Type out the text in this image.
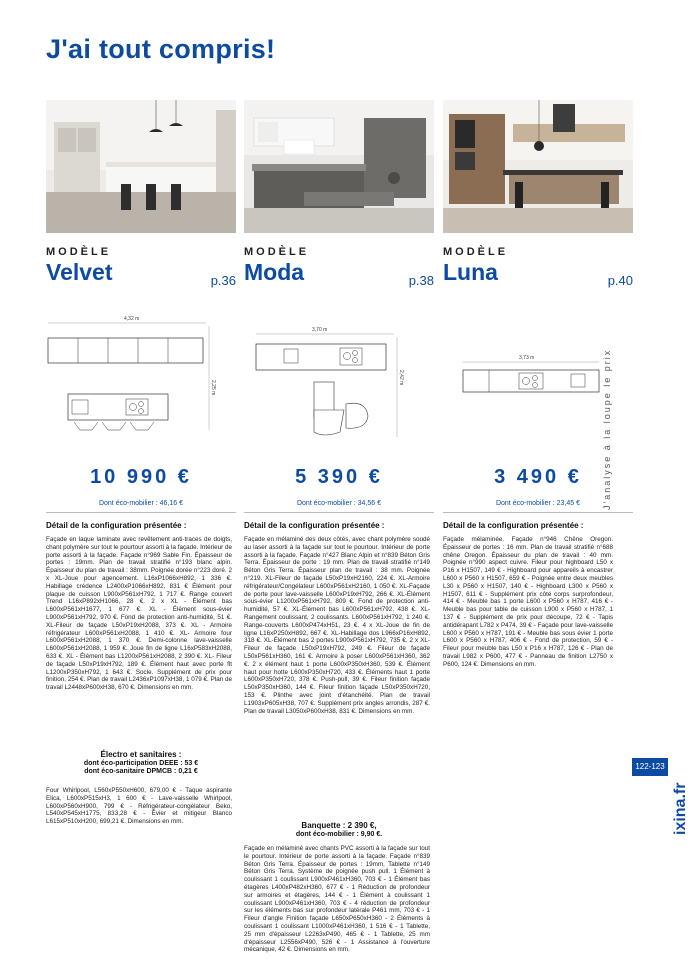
J'ai tout compris!
MODÈLE
Velvet	p.36
4,32 m
2,25 m
10 990 €
Dont éco-mobilier : 46,16 €
Détail de la configuration présentée :
Façade en laque laminate avec revêtement anti-traces de doigts, chant polymère sur tout le pourtour assorti à la façade. Intérieur de porte assorti à la façade. Façade n°969 Sable Fin. Épaisseur de portes : 19mm. Plan de travail stratifié n°193 blanc alpin. Épaisseur du plan de travail : 38mm. Poignée dorée n°223 doré. 2 x XL-Joue pour agencement. L16xP1066xH892, 1 336 €. Habillage crédence L2400xP1066xH892, 831 € Élément pour plaque de cuisson L900xP561xH792, 1 717 €. Range couvert Trend L16xP892xH1066, 28 €. 2 x XL - Élément bas L600xP561xH1677, 1 677 €. XL - Élément sous-évier L900xP561xH792, 970 €. Fond de protection anti-humidité, 51 €. XL-Fileur de façade L50xP19xH2088, 373 €. XL - Armoire réfrigérateur L600xP561xH2088, 1 410 €. XL- Armoire four L600xP561xH2088, 1 370 €. Demi-colonne lave-vaisselle L600xP561xH2088, 1 959 €. Joue fin de ligne L16xP583xH2088, 633 €. XL - Élément bas L1200xP561xH2088, 2 390 €. XL- Fileur de façade L50xP19xH792, 189 €. Élément haut avec porte flt L1200xP350xH792, 1 643 €. Socle. Supplément de prix pour finition, 254 €. Plan de travail L2436xP1097xH38, 1 079 €. Plan de travail L2448xP600xH38, 670 €. Dimensions en mm.
Électro et sanitaires :
dont éco-participation DEEE : 53 €
dont éco-sanitaire DPMCB : 0,21 €
Four Whirlpool, L560xP550xH600, 679,00 € - Taque aspirante Elica, L600xP515xH3, 1 600 € - Lave-vaisselle Whirlpool, L600xP560xH900, 799 € - Réfrigérateur-congélateur Beko, L540xP545xH1775, 833,28 € - Évier et mitigeur Blanco L615xP510xH200, 699,21 €. Dimensions en mm.
MODÈLE
Moda	p.38
3,70 m
2,42 m
5 390 €
Dont éco-mobilier : 34,56 €
Détail de la configuration présentée :
Façade en mélaminé des deux côtés, avec chant polymère soudé au laser assorti à la façade sur tout le pourtour. Intérieur de porte assorti à la façade. Façade n°427 Blanc Alpin et n°839 Béton Gris Terra. Épaisseur de porte : 19 mm. Plan de travail stratifié n°149 Béton Gris Terra. Épaisseur plan de travail : 38 mm. Poignée n°219. XL-Fileur de façade L50xP19xH2160, 224 €. XL-Armoire réfrigérateur/Congélateur L600xP561xH2160, 1 050 €. XL-Façade de porte pour lave-vaisselle L600xP19xH792, 266 €. XL-Élément sous-évier L1200xP561xH792, 809 €. Fond de protection anti-humidité, 57 €. XL-Élément bas L600xP561xH792, 438 €. XL-Rangement coulissant, 2 coulissants. L600xP561xH792, 1 240 €. Range-couverts L600xP474xH51, 23 €. 4 x XL-Joue de fin de ligne L16xP250xH892, 667 €. XL-Habillage dos L966xP16xH892, 318 €. XL-Élément bas 2 portes L900xP561xH792, 735 €. 2 x XL-Fileur de façade L50xP19xH792, 249 €. Fileur de façade L50xP561xH360, 161 €. Armoire à poser L600xP561xH360, 362 €. 2 x élément haut 1 porte L600xP350xH360, 539 €. Élément haut pour hotte L600xP350xH720, 433 €. Éléments haut 1 porte L600xP350xH720, 378 €. Push-pull, 39 €. Fileur finition façade L50xP350xH360, 144 €. Fileur finition façade L50xP350xH720, 153 €. Plinthe avec joint d'étanchéité. Plan de travail L1903xP605xH38, 707 €. Supplément prix angles arrondis, 287 €. Plan de travail L3050xP600xH38, 831 €. Dimensions en mm.
Banquette : 2 390 €,
dont éco-mobilier : 9,90 €.
Façade en mélaminé avec chants PVC assorti à la façade sur tout le pourtour. Intérieur de porte assorti à la façade. Façade n°839 Béton Gris Terra. Épaisseur de portes : 19mm. Tablette n°149 Béton Gris Terra. Système de poignée push pull. 1 Élément à coulissant 1 coulissant L900xP461xH360, 703 € - 1 Élément bas étagères L400xP482xH360, 677 € - 1 Réduction de profondeur sur armoires et étagères, 144 € - 1 Élément à coulissant 1 coulissant L900xP461xH360, 703 € - 4 réduction de profondeur sur les éléments bas sur profondeur latérale P461 mm, 703 € - 1 Fileur d'angle Finition façade L650xP650xH360 - 2 Éléments à coulissant 1 coulissant L1000xP461xH360, 1 516 € - 1 Tablette, 25 mm d'épaisseur L2263xP490, 465 € - 1 Tablette, 25 mm d'épaisseur L2556xP490, 526 € - 1 Assistance à l'ouverture mécanique, 42 €. Dimensions en mm.
MODÈLE
Luna	p.40
3,73 m
3 490 €
Dont éco-mobilier : 23,45 €
Détail de la configuration présentée :
Façade mélaminée. Façade n°946 Chêne Oregon. Épaisseur de portes : 16 mm. Plan de travail stratifié n°688 chêne Oregon. Épaisseur du plan de travail : 40 mm. Poignée n°990 aspect cuivre. Fileur pour highboard L50 x P16 x H1507, 149 € - Highboard pour appareils à encastrer L600 x P560 x H1507, 659 € - Poignée entre deux meubles L30 x P560 x H1507, 140 € - Highboard L300 x P560 x H1507, 611 € - Supplément prix côté corps surprofondeur, 414 € - Meuble bas 1 porte L600 x P560 x H787, 416 € - Meuble bas pour table de cuisson L900 x P560 x H787, 1 137 € - Supplément de prix pour découpe, 72 € - Tapis antidérapant L782 x P474, 39 € - Façade pour lave-vaisselle L600 x P560 x H787, 191 € - Meuble bas sous évier 1 porte L600 x P560 x H787, 406 € - Fond de protection, 59 € - Fileur pour meuble bas L50 x P16 x H787, 126 € - Plan de travail L982 x P600, 477 € - Panneau de finition L2750 x P600, 124 €. Dimensions en mm.
J'analyse à la loupe le prix
122-123
ixina.fr
